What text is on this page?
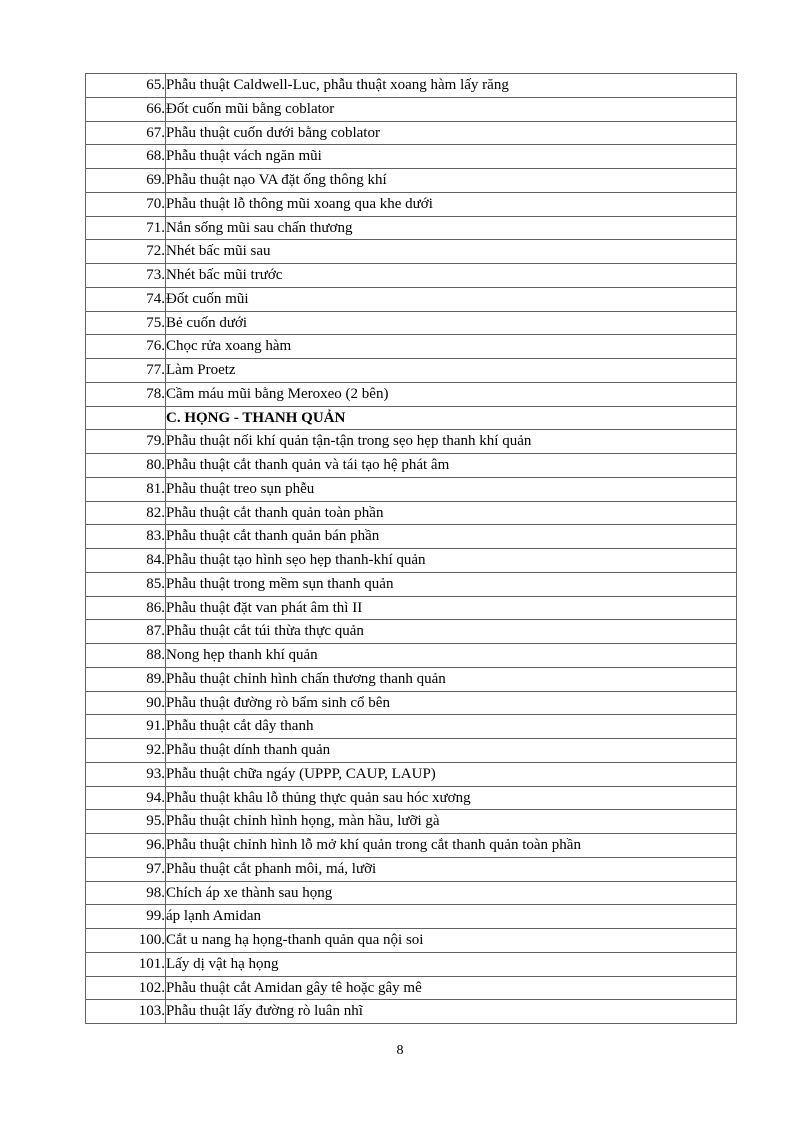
65.	Phẫu thuật Caldwell-Luc, phẫu thuật xoang hàm lấy răng
66.	Đốt cuốn mũi bằng coblator
67.	Phẫu thuật cuốn dưới bằng coblator
68.	Phẫu thuật vách ngăn mũi
69.	Phẫu thuật nạo VA đặt ống thông khí
70.	Phẫu thuật lỗ thông mũi xoang qua khe dưới
71.	Nắn sống mũi sau chấn thương
72.	Nhét bấc mũi sau
73.	Nhét bấc mũi trước
74.	Đốt cuốn mũi
75.	Bẻ cuốn dưới
76.	Chọc rửa xoang hàm
77.	Làm Proetz
78.	Cầm máu mũi bằng Meroxeo (2 bên)
	C. HỌNG - THANH QUẢN
79.	Phẫu thuật nối khí quản tận-tận trong sẹo hẹp thanh khí quản
80.	Phẫu thuật cắt thanh quản và tái tạo hệ phát âm
81.	Phẫu thuật treo sụn phễu
82.	Phẫu thuật cắt thanh quản toàn phần
83.	Phẫu thuật cắt thanh quản bán phần
84.	Phẫu thuật tạo hình sẹo hẹp thanh-khí quản
85.	Phẫu thuật trong mềm sụn thanh quản
86.	Phẫu thuật đặt van phát âm thì II
87.	Phẫu thuật cắt túi thừa thực quản
88.	Nong hẹp thanh khí quản
89.	Phẫu thuật chỉnh hình chấn thương thanh quản
90.	Phẫu thuật đường rò bẩm sinh cổ bên
91.	Phẫu thuật cắt dây thanh
92.	Phẫu thuật dính thanh quản
93.	Phẫu thuật chữa ngáy (UPPP, CAUP, LAUP)
94.	Phẫu thuật khâu lỗ thủng thực quản sau hóc xương
95.	Phẫu thuật chỉnh hình họng, màn hầu, lưỡi gà
96.	Phẫu thuật chỉnh hình lỗ mở khí quản trong cắt thanh quản toàn phần
97.	Phẫu thuật cắt phanh môi, má, lưỡi
98.	Chích áp xe thành sau họng
99.	áp lạnh Amidan
100.	Cắt u nang hạ họng-thanh quản qua nội soi
101.	Lấy dị vật hạ họng
102.	Phẫu thuật cắt Amidan gây tê hoặc gây mê
103.	Phẫu thuật lấy đường rò luân nhĩ
8
